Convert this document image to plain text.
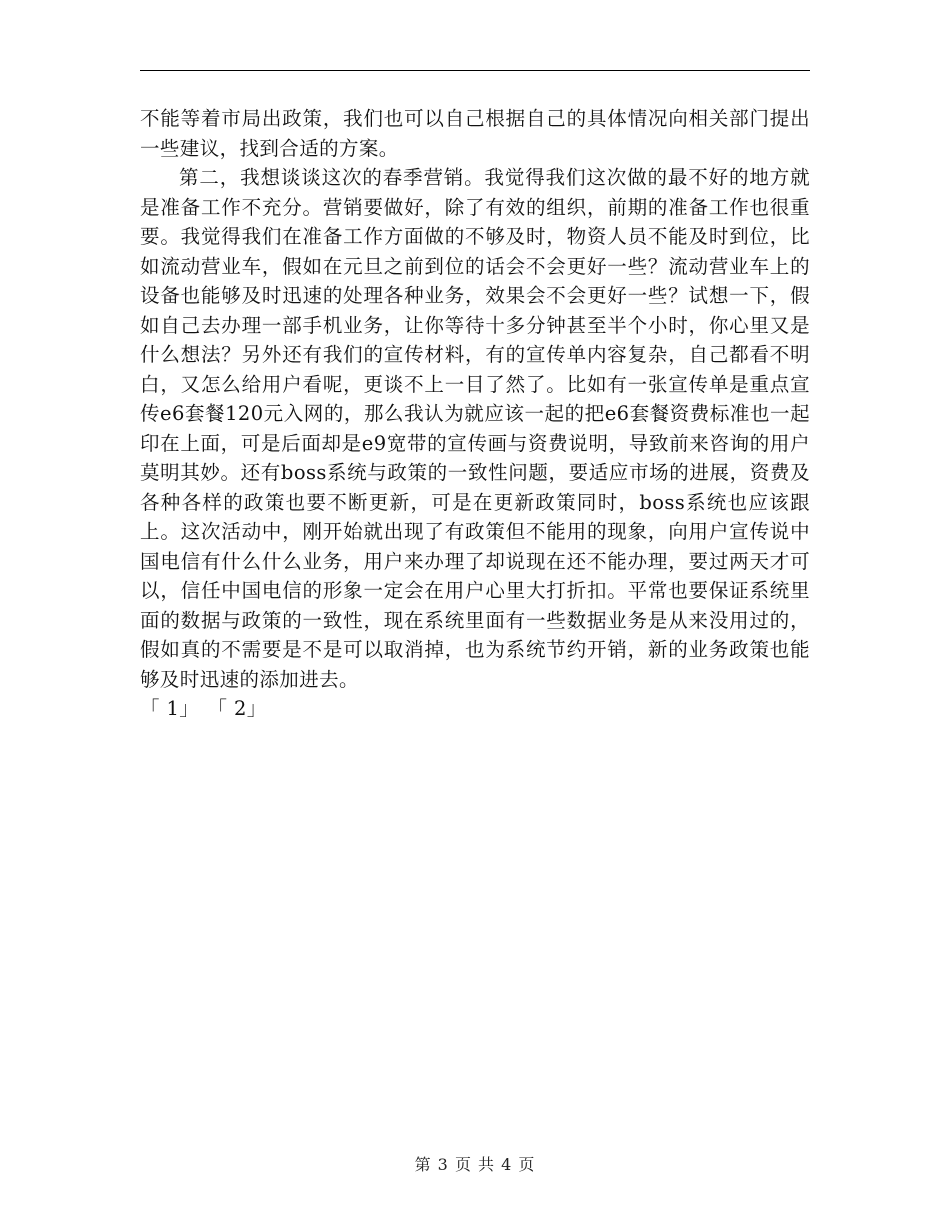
不能等着市局出政策，我们也可以自己根据自己的具体情况向相关部门提出一些建议，找到合适的方案。

第二，我想谈谈这次的春季营销。我觉得我们这次做的最不好的地方就是准备工作不充分。营销要做好，除了有效的组织，前期的准备工作也很重要。我觉得我们在准备工作方面做的不够及时，物资人员不能及时到位，比如流动营业车，假如在元旦之前到位的话会不会更好一些？流动营业车上的设备也能够及时迅速的处理各种业务，效果会不会更好一些？试想一下，假如自己去办理一部手机业务，让你等待十多分钟甚至半个小时，你心里又是什么想法？另外还有我们的宣传材料，有的宣传单内容复杂，自己都看不明白，又怎么给用户看呢，更谈不上一目了然了。比如有一张宣传单是重点宣传e6套餐120元入网的，那么我认为就应该一起的把e6套餐资费标准也一起印在上面，可是后面却是e9宽带的宣传画与资费说明，导致前来咨询的用户莫明其妙。还有boss系统与政策的一致性问题，要适应市场的进展，资费及各种各样的政策也要不断更新，可是在更新政策同时，boss系统也应该跟上。这次活动中，刚开始就出现了有政策但不能用的现象，向用户宣传说中国电信有什么什么业务，用户来办理了却说现在还不能办理，要过两天才可以，信任中国电信的形象一定会在用户心里大打折扣。平常也要保证系统里面的数据与政策的一致性，现在系统里面有一些数据业务是从来没用过的，假如真的不需要是不是可以取消掉，也为系统节约开销，新的业务政策也能够及时迅速的添加进去。

「 1」 「 2」

第 3 页 共 4 页
